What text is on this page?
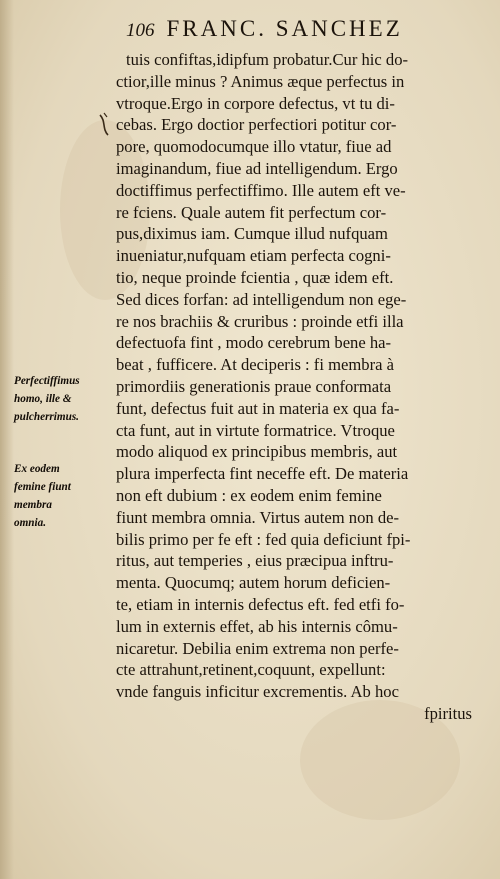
106 FRANC. SANCHEZ
tuis confiftas,idipfum probatur.Cur hic do-
ctior,ille minus ? Animus æque perfectus in
vtroque.Ergo in corpore defectus, vt tu di-
cebas. Ergo doctior perfectiori potitur cor-
pore, quomodocumque illo vtatur, fiue ad
imaginandum, fiue ad intelligendum. Ergo
doctiffimus perfectiffimo. Ille autem eft ve-
re fciens. Quale autem fit perfectum cor-
pus,diximus iam. Cumque illud nufquam
inueniatur,nufquam etiam perfecta cogni-
tio, neque proinde fcientia , quæ idem eft.
Sed dices forfan: ad intelligendum non ege-
re nos brachiis & cruribus : proinde etfi illa
defectuofa fint , modo cerebrum bene ha-
beat , fufficere. At deciperis : fi membra à
primordiis generationis praue conformata
funt, defectus fuit aut in materia ex qua fa-
cta funt, aut in virtute formatrice. Vtroque
modo aliquod ex principibus membris, aut
plura imperfecta fint neceffe eft. De materia
non eft dubium : ex eodem enim femine
fiunt membra omnia. Virtus autem non de-
bilis primo per fe eft : fed quia deficiunt fpi-
ritus, aut temperies , eius præcipua inftru-
menta. Quocumq; autem horum deficien-
te, etiam in internis defectus eft. fed etfi fo-
lum in externis effet, ab his internis cômu-
nicaretur. Debilia enim extrema non perfe-
cte attrahunt,retinent,coquunt, expellunt:
vnde fanguis inficitur excrementis. Ab hoc
fpiritus
Perfectiffimus
homo, ille &
pulcherrimus.
Ex eodem
femine fiunt
membra
omnia.
